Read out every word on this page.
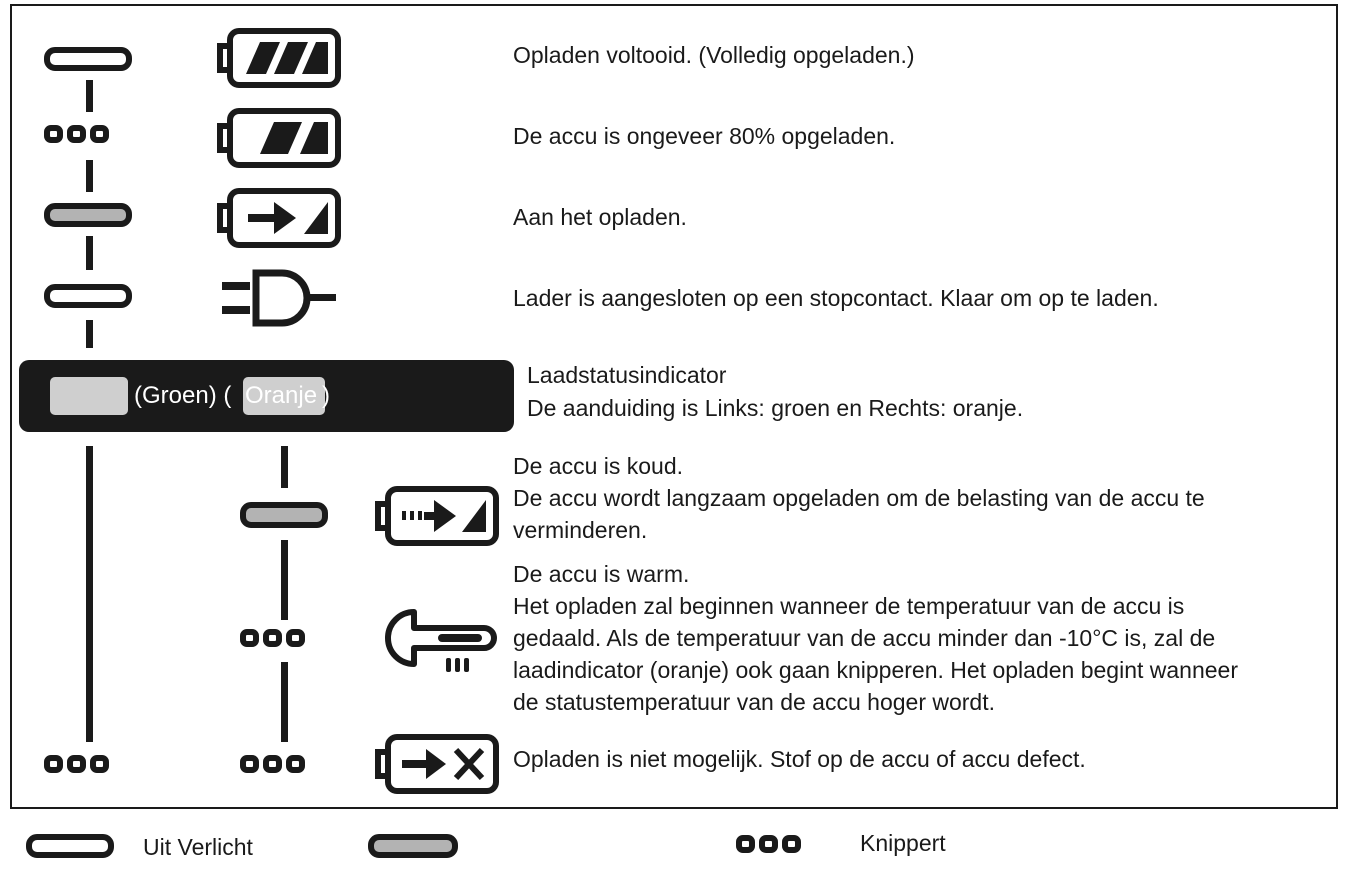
Opladen voltooid. (Volledig opgeladen.)
De accu is ongeveer 80% opgeladen.
Aan het opladen.
Lader is aangesloten op een stopcontact. Klaar om op te laden.
(Groen) ( Oranje )
Laadstatusindicator
De aanduiding is Links: groen en Rechts: oranje.
De accu is koud.
De accu wordt langzaam opgeladen om de belasting van de accu te
verminderen.
De accu is warm.
Het opladen zal beginnen wanneer de temperatuur van de accu is
gedaald. Als de temperatuur van de accu minder dan -10°C is, zal de
laadindicator (oranje) ook gaan knipperen. Het opladen begint wanneer
de statustemperatuur van de accu hoger wordt.
Opladen is niet mogelijk. Stof op de accu of accu defect.
Uit Verlicht	Knippert
